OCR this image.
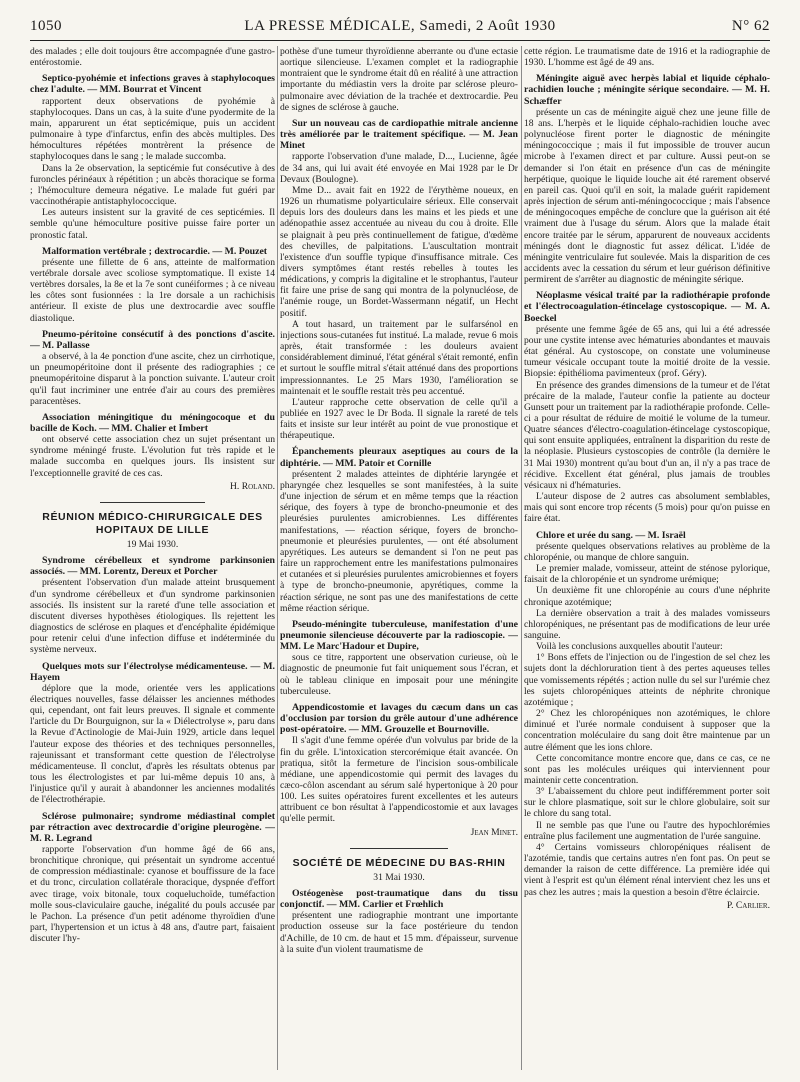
1050	LA PRESSE MÉDICALE, Samedi, 2 Août 1930	N° 62

des malades ; elle doit toujours être accompagnée d'une gastro-entérostomie.

Septico-pyohémie et infections graves à staphylocoques chez l'adulte. — MM. Bourrat et Vincent

rapportent deux observations de pyohémie à staphylocoques. Dans un cas, à la suite d'une pyodermite de la main, apparurent un état septicémique, puis un accident pulmonaire à type d'infarctus, enfin des abcès multiples. Des hémocultures répétées montrèrent la présence de staphylocoques dans le sang ; le malade succomba.

Dans la 2e observation, la septicémie fut consécutive à des furoncles périnéaux à répétition ; un abcès thoracique se forma ; l'hémoculture demeura négative. Le malade fut guéri par vaccinothérapie antistaphylococcique.

Les auteurs insistent sur la gravité de ces septicémies. Il semble qu'une hémoculture positive puisse faire porter un pronostic fatal.

Malformation vertébrale ; dextrocardie. — M. Pouzet

présente une fillette de 6 ans, atteinte de malformation vertébrale dorsale avec scoliose symptomatique. Il existe 14 vertèbres dorsales, la 8e et la 7e sont cunéiformes ; à ce niveau les côtes sont fusionnées : la 1re dorsale a un rachichisis antérieur. Il existe de plus une dextrocardie avec souffle diastolique.

Pneumo-péritoine consécutif à des ponctions d'ascite. — M. Pallasse

a observé, à la 4e ponction d'une ascite, chez un cirrhotique, un pneumopéritoine dont il présente des radiographies ; ce pneumopéritoine disparut à la ponction suivante. L'auteur croit qu'il faut incriminer une entrée d'air au cours des premières paracentèses.

Association méningitique du méningocoque et du bacille de Koch. — MM. Chalier et Imbert

ont observé cette association chez un sujet présentant un syndrome méningé fruste. L'évolution fut très rapide et le malade succomba en quelques jours. Ils insistent sur l'exceptionnelle gravité de ces cas.

H. Roland.
RÉUNION MÉDICO-CHIRURGICALE DES HOPITAUX DE LILLE
19 Mai 1930.
Syndrome cérébelleux et syndrome parkinsonien associés. — MM. Lorentz, Dereux et Porcher

présentent l'observation d'un malade atteint brusquement d'un syndrome cérébelleux et d'un syndrome parkinsonien associés. Ils insistent sur la rareté d'une telle association et discutent diverses hypothèses étiologiques. Ils rejettent les diagnostics de sclérose en plaques et d'encéphalite épidémique pour retenir celui d'une infection diffuse et indéterminée du système nerveux.

Quelques mots sur l'électrolyse médicamenteuse. — M. Hayem

déplore que la mode, orientée vers les applications électriques nouvelles, fasse délaisser les anciennes méthodes qui, cependant, ont fait leurs preuves. Il signale et commente l'article du Dr Bourguignon, sur la « Diélectrolyse », paru dans la Revue d'Actinologie de Mai-Juin 1929, article dans lequel l'auteur expose des théories et des techniques personnelles, rajeunissant et transformant cette question de l'électrolyse médicamenteuse. Il conclut, d'après les résultats obtenus par tous les électrologistes et par lui-même depuis 10 ans, à l'injustice qu'il y aurait à abandonner les anciennes modalités de l'électrothérapie.

Sclérose pulmonaire; syndrome médiastinal complet par rétraction avec dextrocardie d'origine pleurogène. — M. R. Legrand

rapporte l'observation d'un homme âgé de 66 ans, bronchitique chronique, qui présentait un syndrome accentué de compression médiastinale: cyanose et bouffissure de la face et du tronc, circulation collatérale thoracique, dyspnée d'effort avec tirage, voix bitonale, toux coqueluchoïde, tuméfaction molle sous-claviculaire gauche, inégalité du pouls accusée par le Pachon. La présence d'un petit adénome thyroïdien d'une part, l'hypertension et un ictus à 48 ans, d'autre part, faisaient discuter l'hy-

pothèse d'une tumeur thyroïdienne aberrante ou d'une ectasie aortique silencieuse. L'examen complet et la radiographie montraient que le syndrome était dû en réalité à une attraction importante du médiastin vers la droite par sclérose pleuro-pulmonaire avec déviation de la trachée et dextrocardie. Peu de signes de sclérose à gauche.

Sur un nouveau cas de cardiopathie mitrale ancienne très améliorée par le traitement spécifique. — M. Jean Minet

rapporte l'observation d'une malade, D..., Lucienne, âgée de 34 ans, qui lui avait été envoyée en Mai 1928 par le Dr Devaux (Boulogne).

Mme D... avait fait en 1922 de l'érythème noueux, en 1926 un rhumatisme polyarticulaire sérieux. Elle conservait depuis lors des douleurs dans les mains et les pieds et une adénopathie assez accentuée au niveau du cou à droite. Elle se plaignait à peu près continuellement de fatigue, d'œdème des chevilles, de palpitations. L'auscultation montrait l'existence d'un souffle typique d'insuffisance mitrale. Ces divers symptômes étant restés rebelles à toutes les médications, y compris la digitaline et le strophantus, l'auteur fit faire une prise de sang qui montra de la polynucléose, de l'anémie rouge, un Bordet-Wassermann négatif, un Hecht positif.

A tout hasard, un traitement par le sulfarsénol en injections sous-cutanées fut institué. La malade, revue 6 mois après, était transformée : les douleurs avaient considérablement diminué, l'état général s'était remonté, enfin et surtout le souffle mitral s'était atténué dans des proportions impressionnantes. Le 25 Mars 1930, l'amélioration se maintenait et le souffle restait très peu accentué.

L'auteur rapproche cette observation de celle qu'il a publiée en 1927 avec le Dr Boda. Il signale la rareté de tels faits et insiste sur leur intérêt au point de vue pronostique et thérapeutique.

Épanchements pleuraux aseptiques au cours de la diphtérie. — MM. Patoir et Cornille

présentent 2 malades atteintes de diphtérie laryngée et pharyngée chez lesquelles se sont manifestées, à la suite d'une injection de sérum et en même temps que la réaction sérique, des foyers à type de broncho-pneumonie et des pleurésies purulentes amicrobiennes. Les différentes manifestations, — réaction sérique, foyers de broncho-pneumonie et pleurésies purulentes, — ont été absolument apyrétiques. Les auteurs se demandent si l'on ne peut pas faire un rapprochement entre les manifestations pulmonaires et cutanées et si pleurésies purulentes amicrobiennes et foyers à type de broncho-pneumonie, apyrétiques, comme la réaction sérique, ne sont pas une des manifestations de cette même réaction sérique.

Pseudo-méningite tuberculeuse, manifestation d'une pneumonie silencieuse découverte par la radioscopie. — MM. Le Marc'Hadour et Dupire,

sous ce titre, rapportent une observation curieuse, où le diagnostic de pneumonie fut fait uniquement sous l'écran, et où le tableau clinique en imposait pour une méningite tuberculeuse.

Appendicostomie et lavages du cæcum dans un cas d'occlusion par torsion du grêle autour d'une adhérence post-opératoire. — MM. Grouzelle et Bournoville.

Il s'agit d'une femme opérée d'un volvulus par bride de la fin du grêle. L'intoxication stercorémique était avancée. On pratiqua, sitôt la fermeture de l'incision sous-ombilicale médiane, une appendicostomie qui permit des lavages du cæco-côlon ascendant au sérum salé hypertonique à 20 pour 100. Les suites opératoires furent excellentes et les auteurs attribuent ce bon résultat à l'appendicostomie et aux lavages qu'elle permit.

Jean Minet.
SOCIÉTÉ DE MÉDECINE DU BAS-RHIN
31 Mai 1930.
Ostéogenèse post-traumatique dans du tissu conjonctif. — MM. Carlier et Frœhlich

présentent une radiographie montrant une importante production osseuse sur la face postérieure du tendon d'Achille, de 10 cm. de haut et 15 mm. d'épaisseur, survenue à la suite d'un violent traumatisme de

cette région. Le traumatisme date de 1916 et la radiographie de 1930. L'homme est âgé de 49 ans.

Méningite aiguë avec herpès labial et liquide céphalo-rachidien louche ; méningite sérique secondaire. — M. H. Schæffer

présente un cas de méningite aiguë chez une jeune fille de 18 ans. L'herpès et le liquide céphalo-rachidien louche avec polynucléose firent porter le diagnostic de méningite méningococcique ; mais il fut impossible de trouver aucun microbe à l'examen direct et par culture. Aussi peut-on se demander si l'on était en présence d'un cas de méningite herpétique, quoique le liquide louche ait été rarement observé en pareil cas. Quoi qu'il en soit, la malade guérit rapidement après injection de sérum anti-méningococcique ; mais l'absence de méningocoques empêche de conclure que la guérison ait été vraiment due à l'usage du sérum. Alors que la malade était encore traitée par le sérum, apparurent de nouveaux accidents méningés dont le diagnostic fut assez délicat. L'idée de méningite ventriculaire fut soulevée. Mais la disparition de ces accidents avec la cessation du sérum et leur guérison définitive permirent de s'arrêter au diagnostic de méningite sérique.

Néoplasme vésical traité par la radiothérapie profonde et l'électrocoagulation-étincelage cystoscopique. — M. A. Boeckel

présente une femme âgée de 65 ans, qui lui a été adressée pour une cystite intense avec hématuries abondantes et mauvais état général. Au cystoscope, on constate une volumineuse tumeur vésicale occupant toute la moitié droite de la vessie. Biopsie: épithélioma pavimenteux (prof. Géry).

En présence des grandes dimensions de la tumeur et de l'état précaire de la malade, l'auteur confie la patiente au docteur Gunsett pour un traitement par la radiothérapie profonde. Celle-ci a pour résultat de réduire de moitié le volume de la tumeur. Quatre séances d'électro-coagulation-étincelage cystoscopique, qui sont ensuite appliquées, entraînent la disparition du reste de la néoplasie. Plusieurs cystoscopies de contrôle (la dernière le 31 Mai 1930) montrent qu'au bout d'un an, il n'y a pas trace de récidive. Excellent état général, plus jamais de troubles vésicaux ni d'hématuries.

L'auteur dispose de 2 autres cas absolument semblables, mais qui sont encore trop récents (5 mois) pour qu'on puisse en faire état.

Chlore et urée du sang. — M. Israël

présente quelques observations relatives au problème de la chloropénie, ou manque de chlore sanguin.

Le premier malade, vomisseur, atteint de sténose pylorique, faisait de la chloropénie et un syndrome urémique;

Un deuxième fit une chloropénie au cours d'une néphrite chronique azotémique;

La dernière observation a trait à des malades vomisseurs chloropéniques, ne présentant pas de modifications de leur urée sanguine.

Voilà les conclusions auxquelles aboutit l'auteur:

1° Bons effets de l'injection ou de l'ingestion de sel chez les sujets dont la déchloruration tient à des pertes aqueuses telles que vomissements répétés ; action nulle du sel sur l'urémie chez les sujets chloropéniques atteints de néphrite chronique azotémique ;

2° Chez les chloropéniques non azotémiques, le chlore diminué et l'urée normale conduisent à supposer que la concentration moléculaire du sang doit être maintenue par un autre élément que les ions chlore.

Cette concomitance montre encore que, dans ce cas, ce ne sont pas les molécules uréiques qui interviennent pour maintenir cette concentration.

3° L'abaissement du chlore peut indifféremment porter soit sur le chlore plasmatique, soit sur le chlore globulaire, soit sur le chlore du sang total.

Il ne semble pas que l'une ou l'autre des hypochlorémies entraîne plus facilement une augmentation de l'urée sanguine.

4° Certains vomisseurs chloropéniques réalisent de l'azotémie, tandis que certains autres n'en font pas. On peut se demander la raison de cette différence. La première idée qui vient à l'esprit est qu'un élément rénal intervient chez les uns et pas chez les autres ; mais la question a besoin d'être éclaircie.

P. Carlier.
